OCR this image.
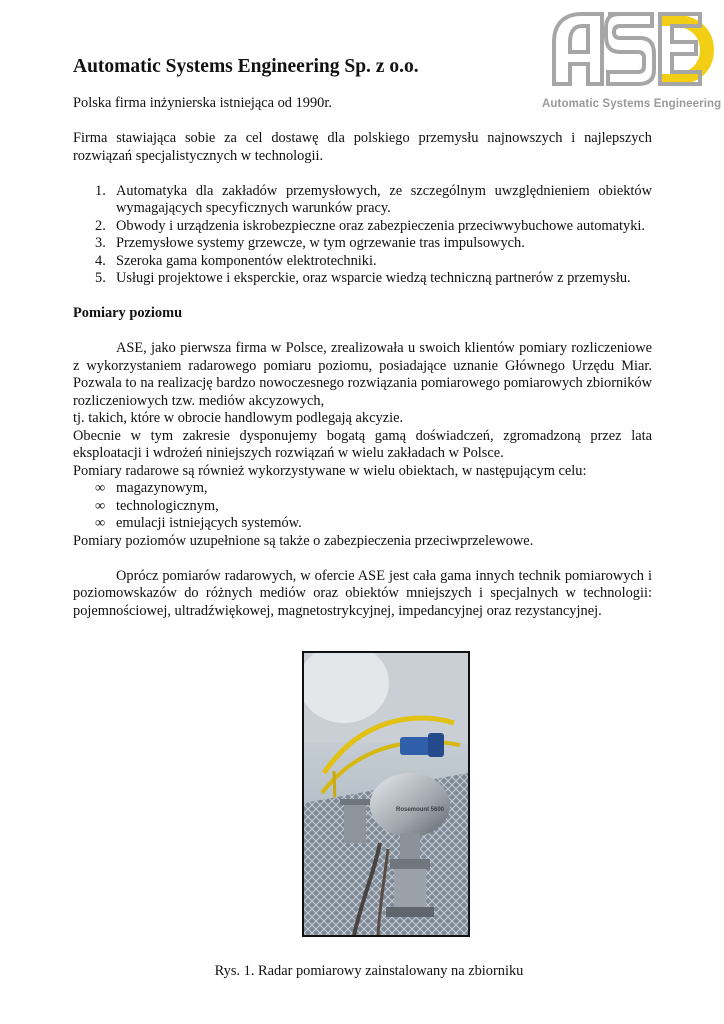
Automatic Systems Engineering
Automatic Systems Engineering Sp. z o.o.

Polska firma inżynierska istniejąca od 1990r.

Firma stawiająca sobie za cel dostawę dla polskiego przemysłu najnowszych i najlepszych rozwiązań specjalistycznych w technologii.

1. Automatyka dla zakładów przemysłowych, ze szczególnym uwzględnieniem obiektów wymagających specyficznych warunków pracy.
2. Obwody i urządzenia iskrobezpieczne oraz zabezpieczenia przeciwwybuchowe automatyki.
3. Przemysłowe systemy grzewcze, w tym ogrzewanie tras impulsowych.
4. Szeroka gama komponentów elektrotechniki.
5. Usługi projektowe i eksperckie, oraz wsparcie wiedzą techniczną partnerów z przemysłu.

Pomiary poziomu

ASE, jako pierwsza firma w Polsce, zrealizowała u swoich klientów pomiary rozliczeniowe z wykorzystaniem radarowego pomiaru poziomu, posiadające uznanie Głównego Urzędu Miar. Pozwala to na realizację bardzo nowoczesnego rozwiązania pomiarowego pomiarowych zbiorników rozliczeniowych tzw. mediów akcyzowych,

tj. takich, które w obrocie handlowym podlegają akcyzie.

Obecnie w tym zakresie dysponujemy bogatą gamą doświadczeń, zgromadzoną przez lata eksploatacji i wdrożeń niniejszych rozwiązań w wielu zakładach w Polsce.

Pomiary radarowe są również wykorzystywane w wielu obiektach, w następującym celu:

∞ magazynowym,
∞ technologicznym,
∞ emulacji istniejących systemów.

Pomiary poziomów uzupełnione są także o zabezpieczenia przeciwprzelewowe.

Oprócz pomiarów radarowych, w ofercie ASE jest cała gama innych technik pomiarowych i poziomowskazów do różnych mediów oraz obiektów mniejszych i specjalnych w technologii: pojemnościowej, ultradźwiękowej, magnetostrykcyjnej, impedancyjnej oraz rezystancyjnej.

Rosemount 5600

Rys. 1. Radar pomiarowy zainstalowany na zbiorniku
